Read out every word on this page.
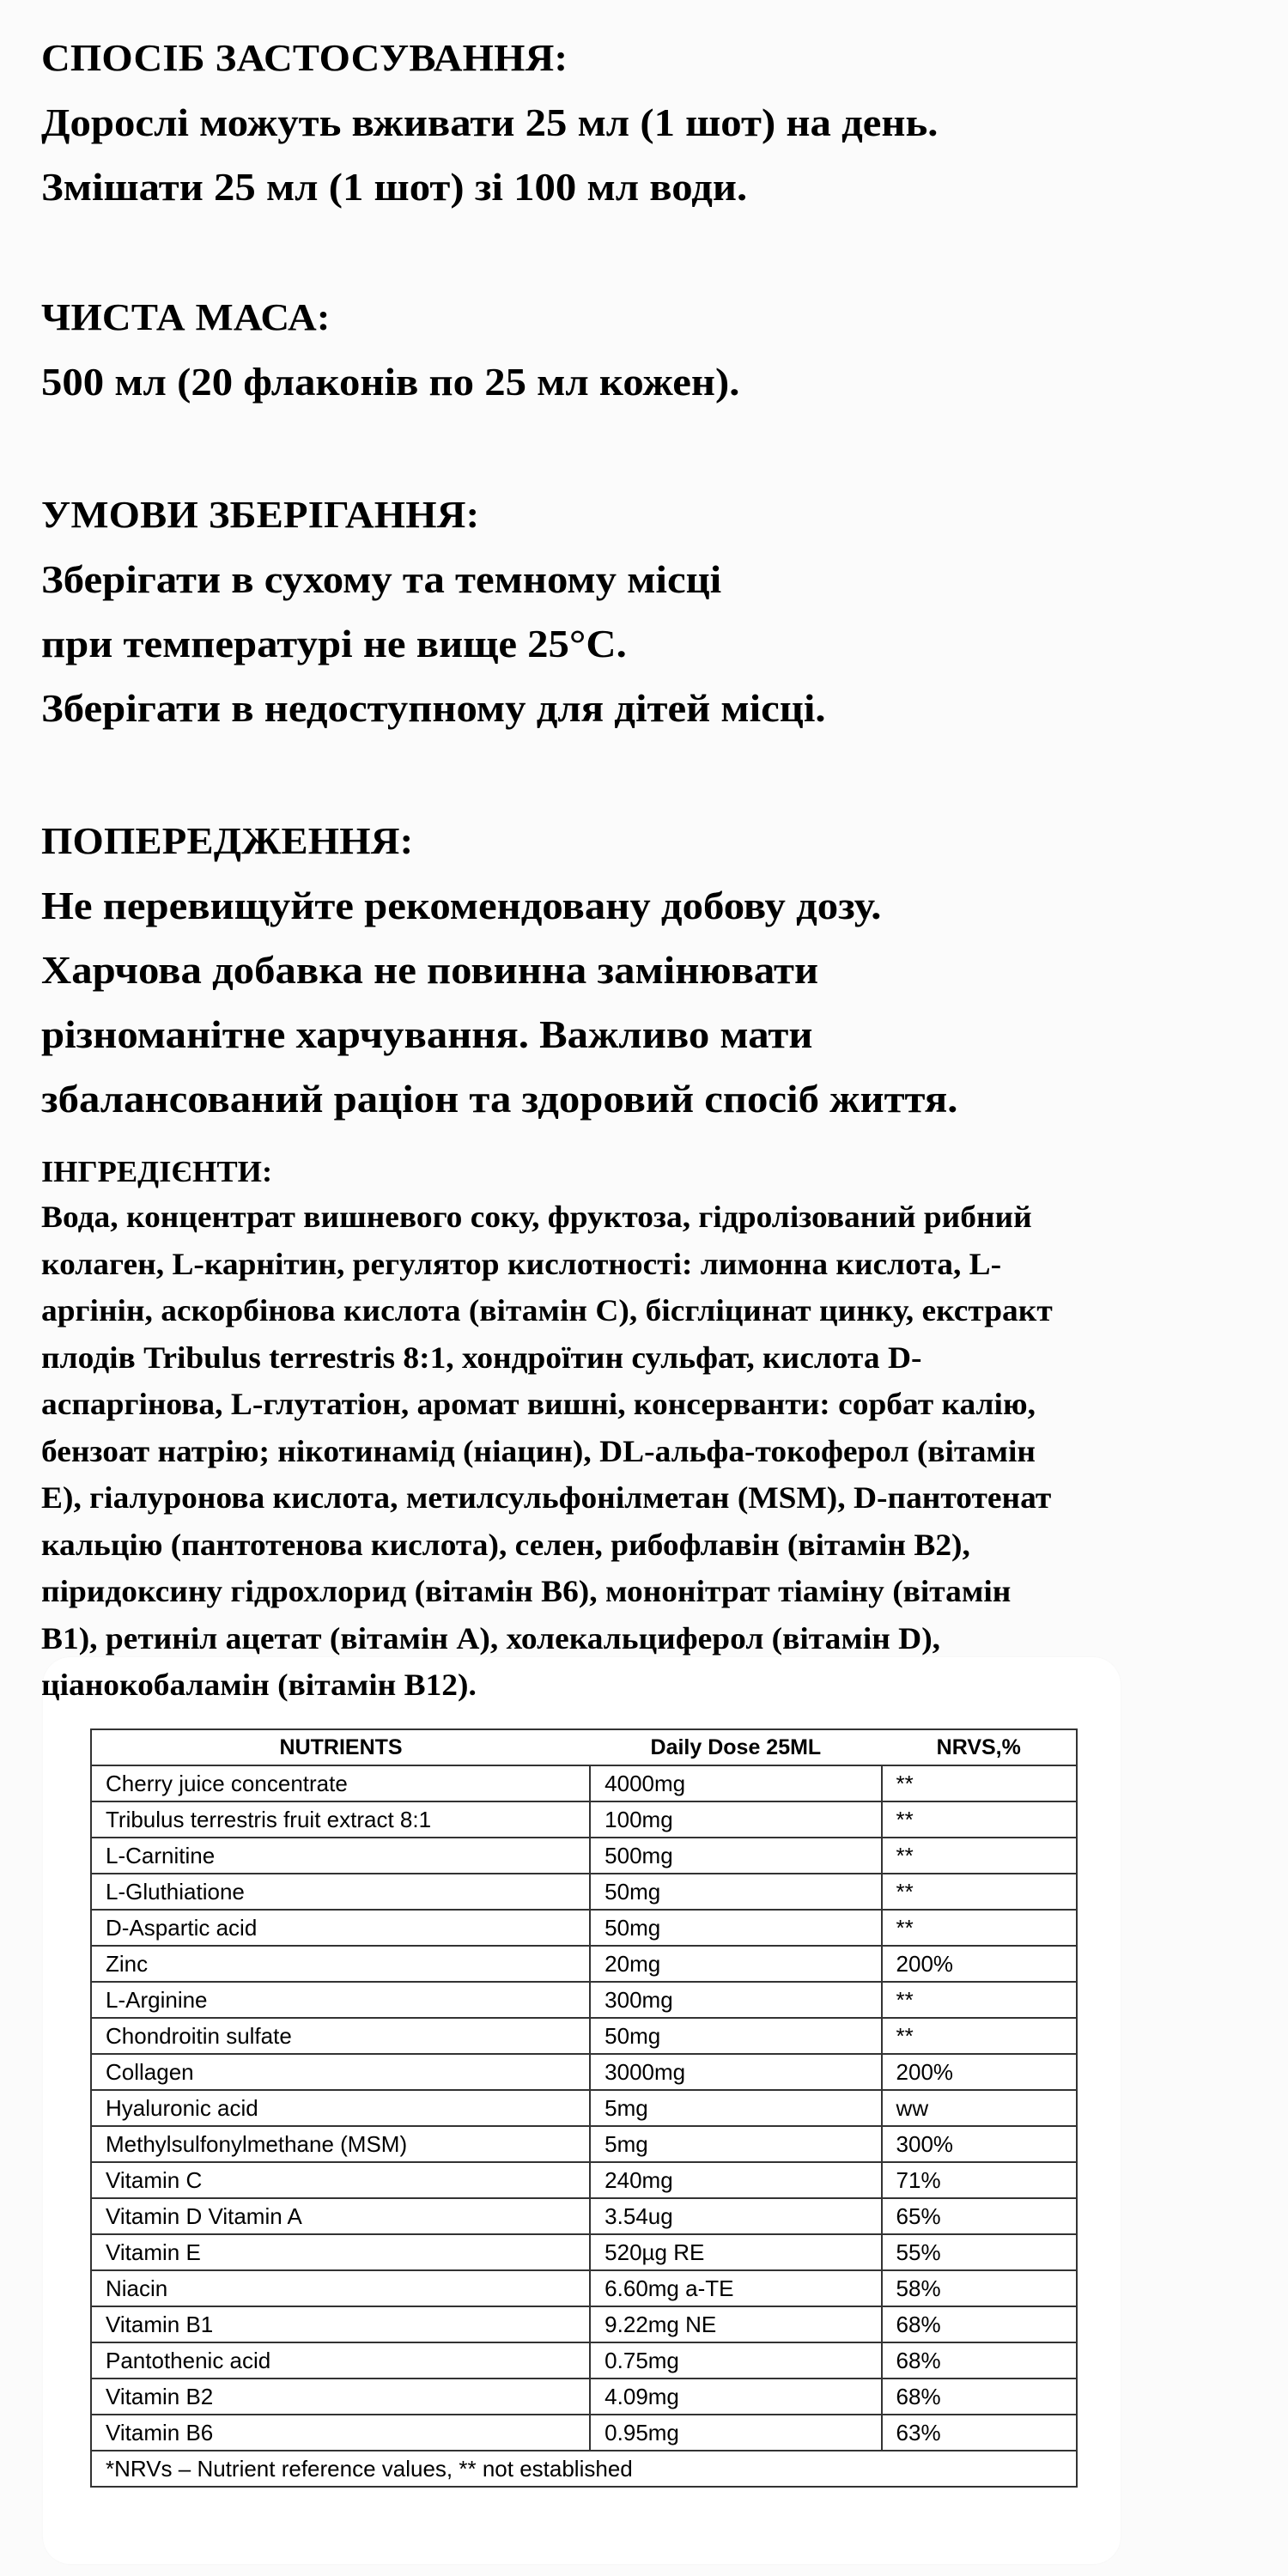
СПОСІБ ЗАСТОСУВАННЯ:
Дорослі можуть вживати 25 мл (1 шот) на день.
Змішати 25 мл (1 шот) зі 100 мл води.
ЧИСТА МАСА:
500 мл (20 флаконів по 25 мл кожен).
УМОВИ ЗБЕРІГАННЯ:
Зберігати в сухому та темному місці
при температурі не вище 25°C.
Зберігати в недоступному для дітей місці.
ПОПЕРЕДЖЕННЯ:
Не перевищуйте рекомендовану добову дозу.
Харчова добавка не повинна замінювати
різноманітне харчування. Важливо мати
збалансований раціон та здоровий спосіб життя.
ІНГРЕДІЄНТИ:
Вода, концентрат вишневого соку, фруктоза, гідролізований рибний
колаген, L-карнітин, регулятор кислотності: лимонна кислота, L-
аргінін, аскорбінова кислота (вітамін C), бісгліцинат цинку, екстракт
плодів Tribulus terrestris 8:1, хондроїтин сульфат, кислота D-
аспаргінова, L-глутатіон, аромат вишні, консерванти: сорбат калію,
бензоат натрію; нікотинамід (ніацин), DL-альфа-токоферол (вітамін
E), гіалуронова кислота, метилсульфонілметан (MSM), D-пантотенат
кальцію (пантотенова кислота), селен, рибофлавін (вітамін B2),
піридоксину гідрохлорид (вітамін B6), мононітрат тіаміну (вітамін
B1), ретиніл ацетат (вітамін A), холекальциферол (вітамін D),
ціанокобаламін (вітамін B12).
NUTRIENTS	Daily Dose 25ML	NRVS,%
Cherry juice concentrate	4000mg	**
Tribulus terrestris fruit extract 8:1	100mg	**
L-Carnitine	500mg	**
L-Gluthiatione	50mg	**
D-Aspartic acid	50mg	**
Zinc	20mg	200%
L-Arginine	300mg	**
Chondroitin sulfate	50mg	**
Collagen	3000mg	200%
Hyaluronic acid	5mg	ww
Methylsulfonylmethane (MSM)	5mg	300%
Vitamin C	240mg	71%
Vitamin D Vitamin A	3.54ug	65%
Vitamin E	520µg RE	55%
Niacin	6.60mg a-TE	58%
Vitamin B1	9.22mg NE	68%
Pantothenic acid	0.75mg	68%
Vitamin B2	4.09mg	68%
Vitamin B6	0.95mg	63%
*NRVs – Nutrient reference values, ** not established		
